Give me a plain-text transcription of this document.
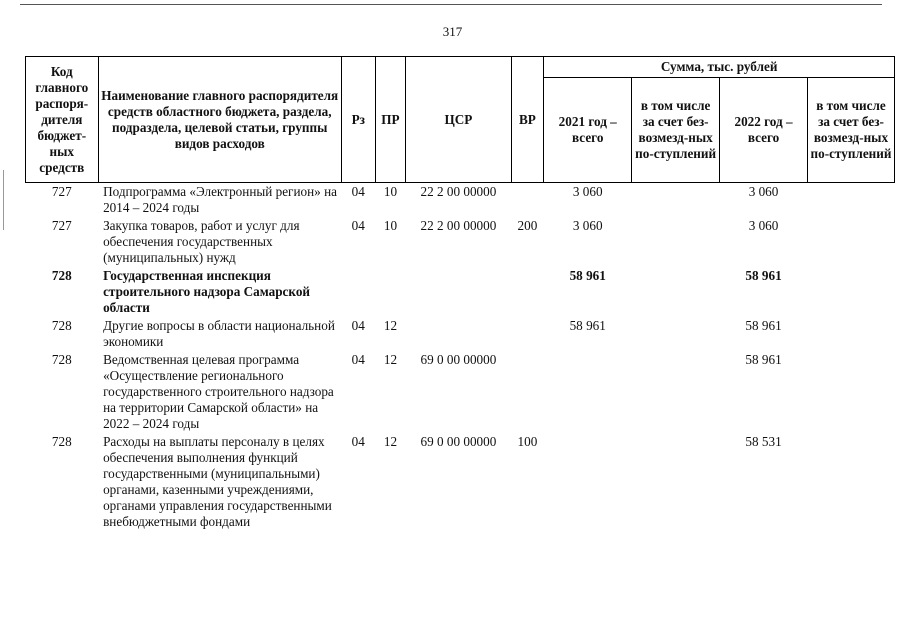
317
Код главного распоря-дителя бюджет-ных средств	Наименование главного распорядителя средств областного бюджета, раздела, подраздела, целевой статьи, группы видов расходов	Рз	ПР	ЦСР	ВР	Сумма, тыс. рублей			
						2021 год – всего	в том числе за счет без-возмезд-ных по-ступлений	2022 год – всего	в том числе за счет без-возмезд-ных по-ступлений
727	Подпрограмма «Электронный регион» на 2014 – 2024 годы	04	10	22 2 00 00000		3 060		3 060	
727	Закупка товаров, работ и услуг для обеспечения государственных (муниципальных) нужд	04	10	22 2 00 00000	200	3 060		3 060	
728	Государственная инспекция строительного надзора Самарской области					58 961		58 961	
728	Другие вопросы в области национальной экономики	04	12			58 961		58 961	
728	Ведомственная целевая программа «Осуществление регионального государственного строительного надзора на территории Самарской области» на 2022 – 2024 годы	04	12	69 0 00 00000				58 961	
728	Расходы на выплаты персоналу в целях обеспечения выполнения функций государственными (муниципальными) органами, казенными учреждениями, органами управления государственными внебюджетными фондами	04	12	69 0 00 00000	100			58 531	
